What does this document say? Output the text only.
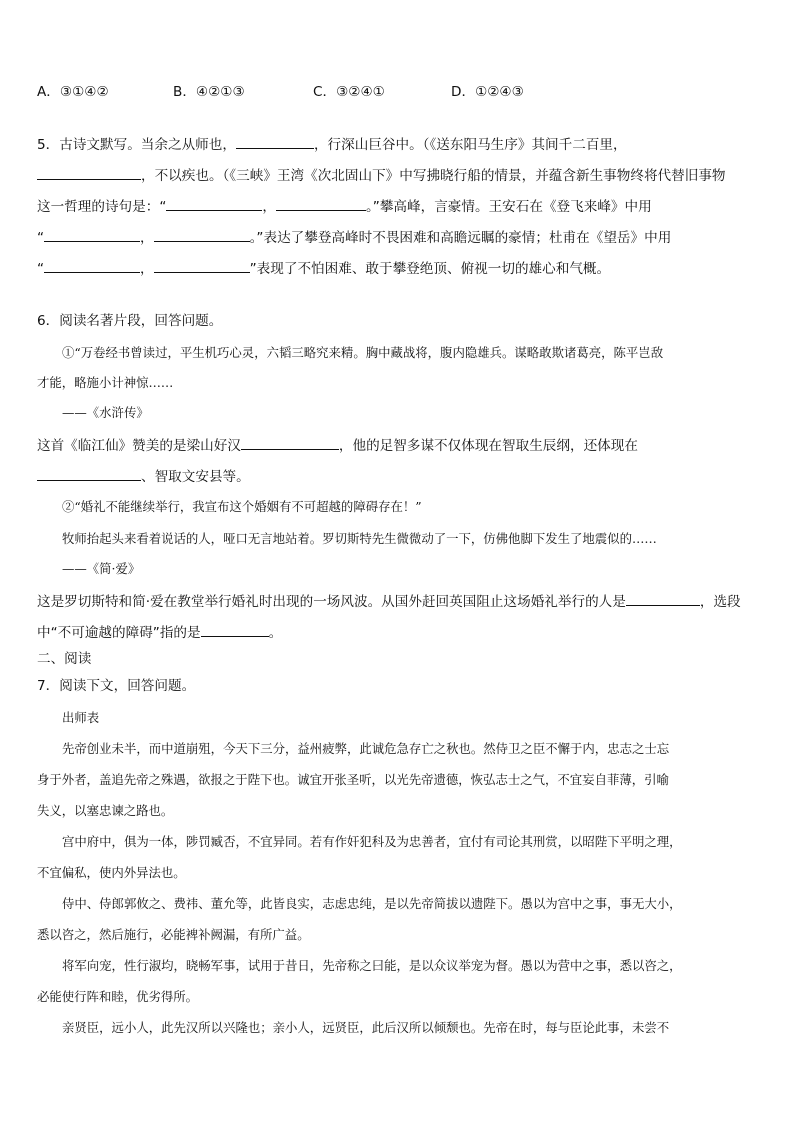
A．③①④②	B．④②①③	C．③②④①	D．①②④③
5．古诗文默写。当余之从师也，	，行深山巨谷中。（《送东阳马生序》其间千二百里，
，不以疾也。（《三峡》王湾《次北固山下》中写拂晓行船的情景，并蕴含新生事物终将代替旧事物
这一哲理的诗句是：“	，	。”攀高峰，言豪情。王安石在《登飞来峰》中用
“	，	。”表达了攀登高峰时不畏困难和高瞻远瞩的豪情；杜甫在《望岳》中用
“	，	”表现了不怕困难、敢于攀登绝顶、俯视一切的雄心和气概。
6．阅读名著片段，回答问题。
①“万卷经书曾读过，平生机巧心灵，六韬三略究来精。胸中藏战将，腹内隐雄兵。谋略敢欺诸葛亮，陈平岂敌
才能，略施小计神惊……
——《水浒传》
这首《临江仙》赞美的是梁山好汉	，他的足智多谋不仅体现在智取生辰纲，还体现在
、智取文安县等。
②“婚礼不能继续举行，我宣布这个婚姻有不可超越的障碍存在！”
牧师抬起头来看着说话的人，哑口无言地站着。罗切斯特先生微微动了一下，仿佛他脚下发生了地震似的……
——《简·爱》
这是罗切斯特和简·爱在教堂举行婚礼时出现的一场风波。从国外赶回英国阻止这场婚礼举行的人是	，选段
中“不可逾越的障碍”指的是	。
二、阅读
7．阅读下文，回答问题。
出师表
先帝创业未半，而中道崩殂，今天下三分，益州疲弊，此诚危急存亡之秋也。然侍卫之臣不懈于内，忠志之士忘
身于外者，盖追先帝之殊遇，欲报之于陛下也。诚宜开张圣听，以光先帝遗德，恢弘志士之气，不宜妄自菲薄，引喻
失义，以塞忠谏之路也。
宫中府中，俱为一体，陟罚臧否，不宜异同。若有作奸犯科及为忠善者，宜付有司论其刑赏，以昭陛下平明之理，
不宜偏私，使内外异法也。
侍中、侍郎郭攸之、费祎、董允等，此皆良实，志虑忠纯，是以先帝简拔以遗陛下。愚以为宫中之事，事无大小，
悉以咨之，然后施行，必能裨补阙漏，有所广益。
将军向宠，性行淑均，晓畅军事，试用于昔日，先帝称之曰能，是以众议举宠为督。愚以为营中之事，悉以咨之，
必能使行阵和睦，优劣得所。
亲贤臣，远小人，此先汉所以兴隆也；亲小人，远贤臣，此后汉所以倾颓也。先帝在时，每与臣论此事，未尝不
